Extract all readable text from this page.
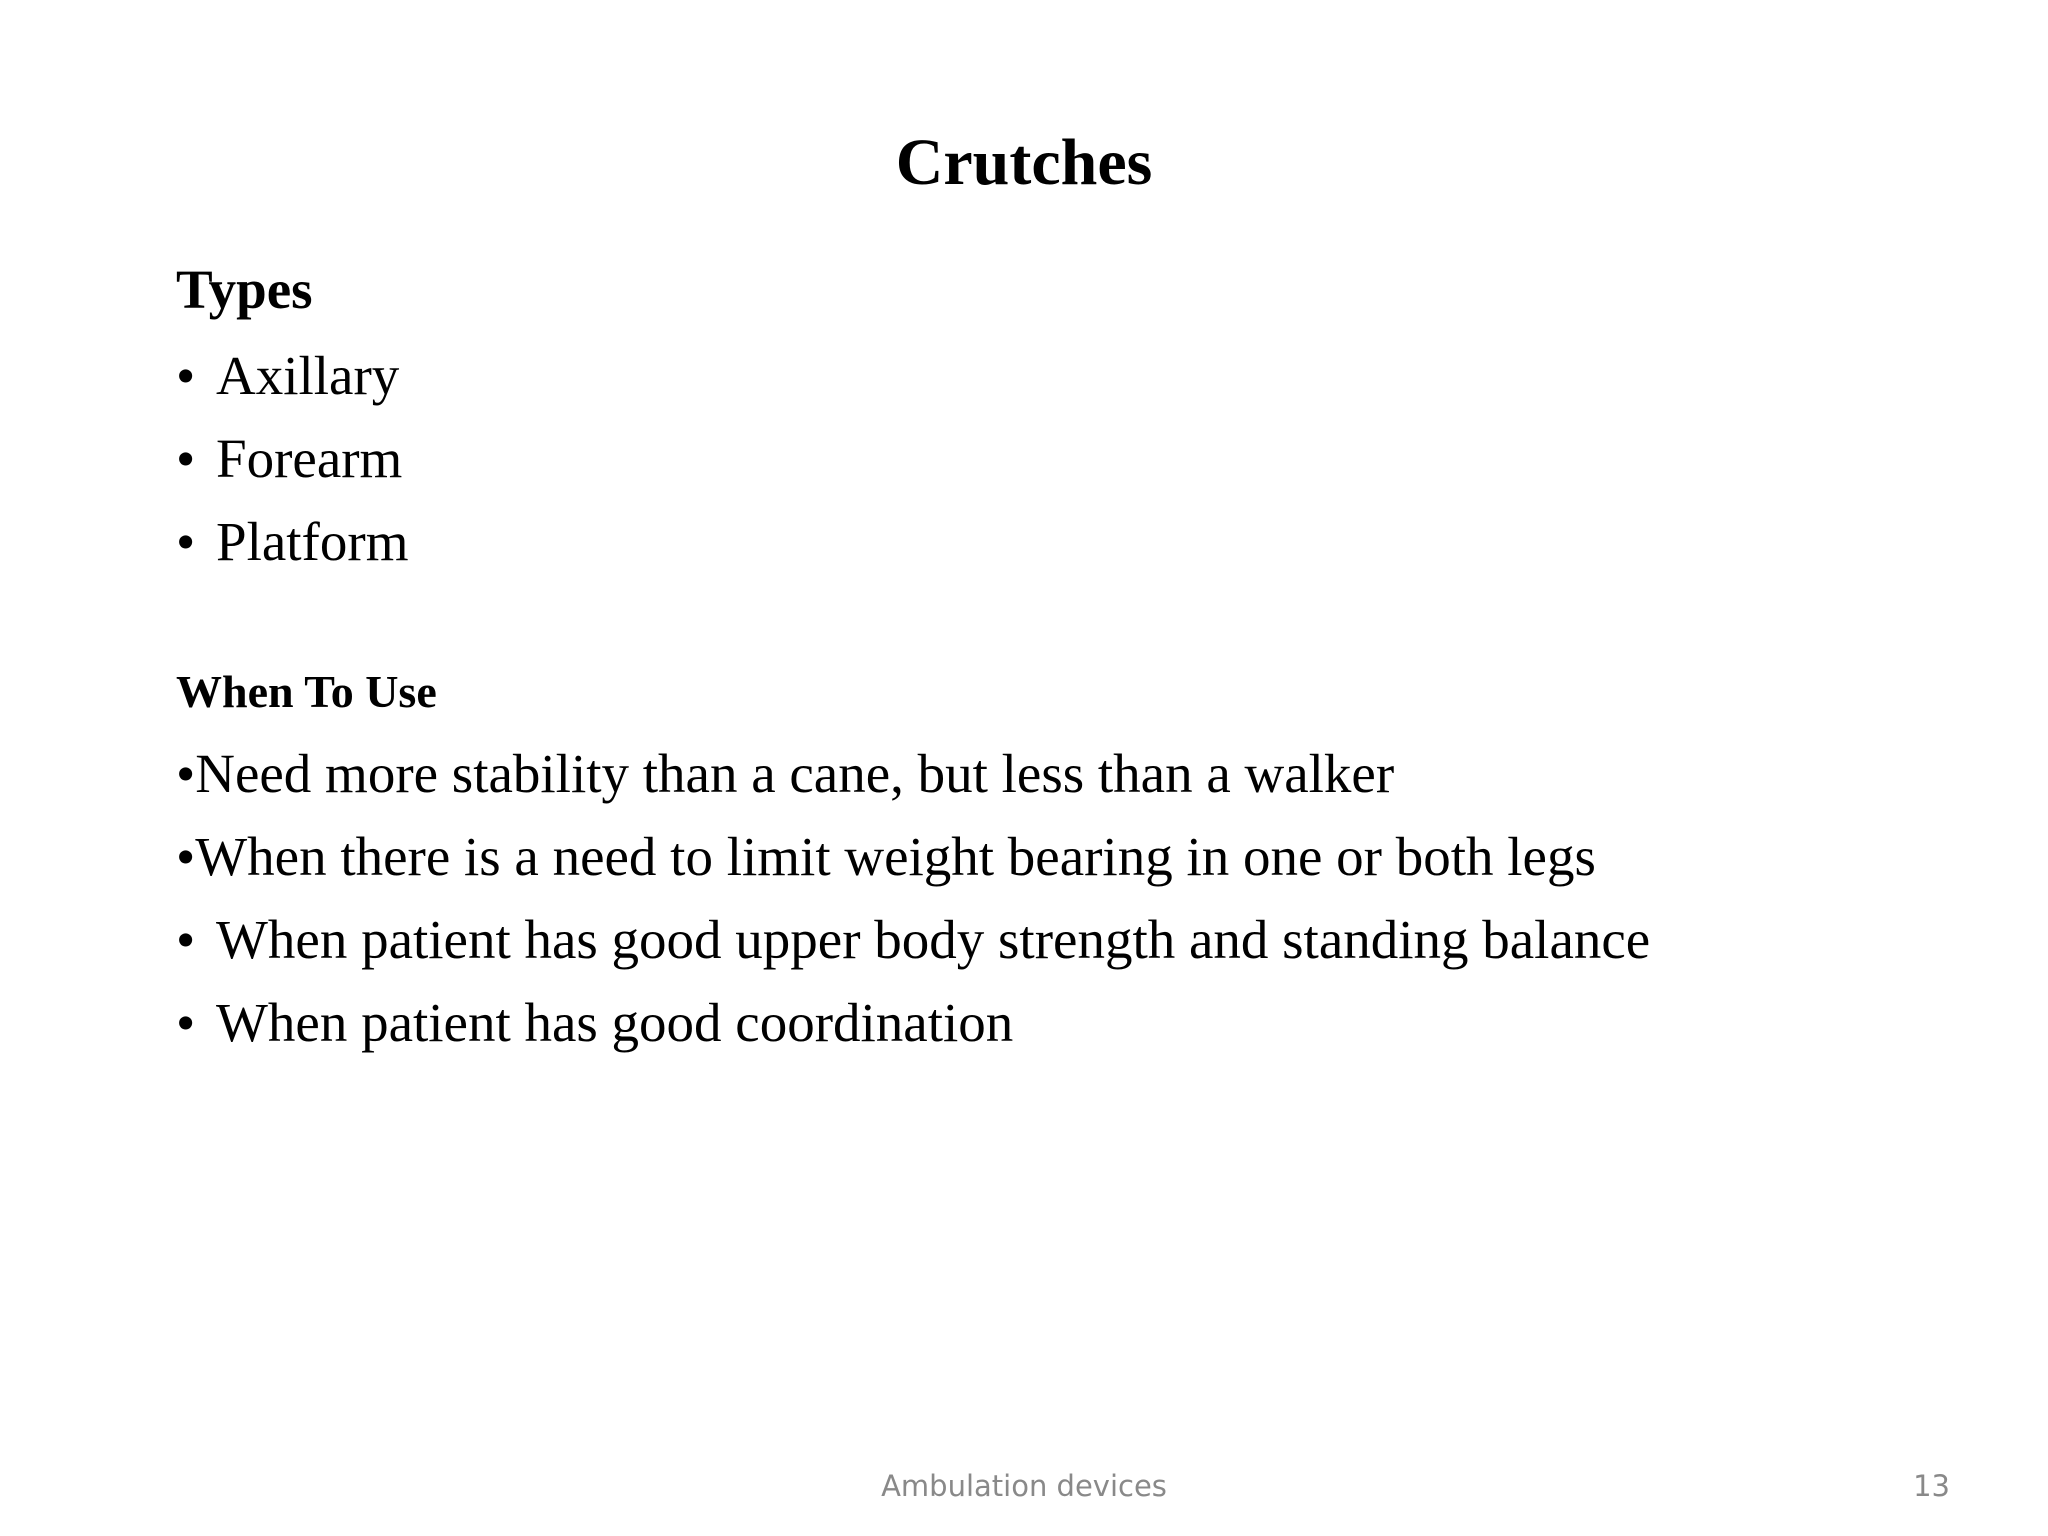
Crutches
Types
• Axillary
• Forearm
• Platform
When To Use
•Need more stability than a cane, but less than a walker
•When there is a need to limit weight bearing in one or both legs
• When patient has good upper body strength and standing balance
• When patient has good coordination
Ambulation devices	13
